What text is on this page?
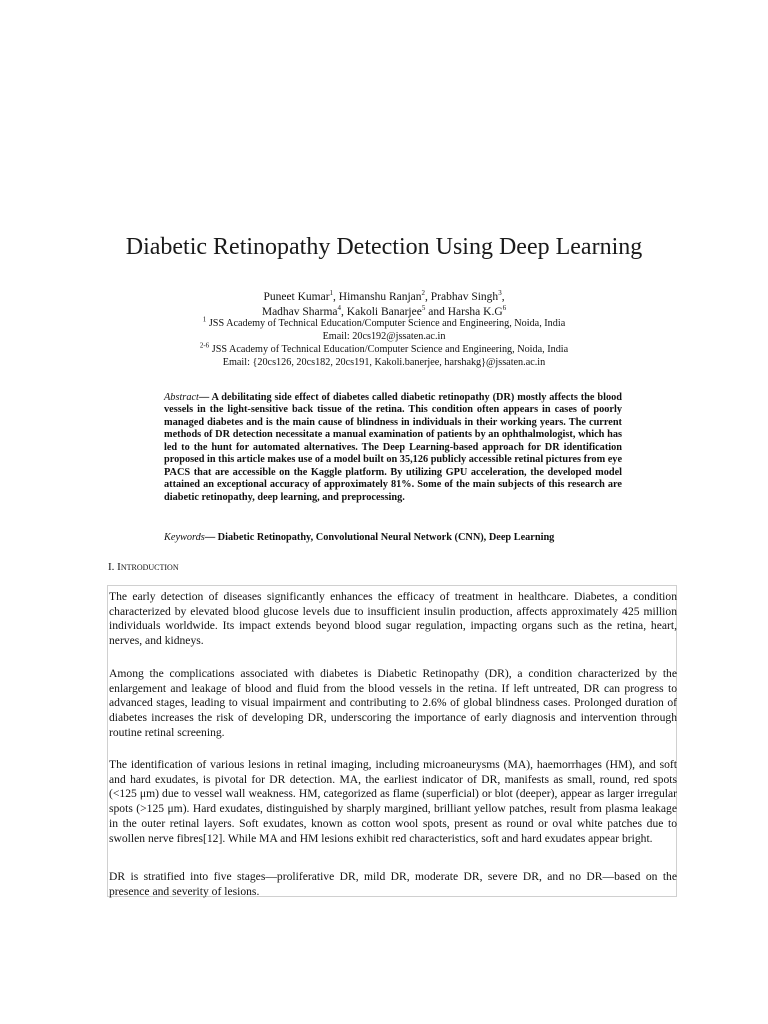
Diabetic Retinopathy Detection Using Deep Learning

Puneet Kumar$^1$, Himanshu Ranjan$^2$, Prabhav Singh$^3$,
Madhav Sharma$^4$, Kakoli Banarjee$^5$ and Harsha $K.G^6$

$^1$ JSS Academy of Technical Education/Computer Science and Engineering, Noida, India
Email: 20cs192@jssaten.ac.in

$^{2-6}$ JSS Academy of Technical Education/Computer Science and Engineering, Noida, India
Email: {20cs126, 20cs182, 20cs191, Kakoli.banerjee, harshakg}@jssaten.ac.in

Abstract— A debilitating side effect of diabetes called diabetic retinopathy (DR) mostly affects the blood vessels in the light-sensitive back tissue of the retina. This condition often appears in cases of poorly managed diabetes and is the main cause of blindness in individuals in their working years. The current methods of DR detection necessitate a manual examination of patients by an ophthalmologist, which has led to the hunt for automated alternatives. The Deep Learning-based approach for DR identification proposed in this article makes use of a model built on 35,126 publicly accessible retinal pictures from eye PACS that are accessible on the Kaggle platform. By utilizing GPU acceleration, the developed model attained an exceptional accuracy of approximately 81%. Some of the main subjects of this research are diabetic retinopathy, deep learning, and preprocessing.

Keywords— Diabetic Retinopathy, Convolutional Neural Network (CNN), Deep Learning

I. Introduction

The early detection of diseases significantly enhances the efficacy of treatment in healthcare. Diabetes, a condition characterized by elevated blood glucose levels due to insufficient insulin production, affects approximately 425 million individuals worldwide. Its impact extends beyond blood sugar regulation, impacting organs such as the retina, heart, nerves, and kidneys.

Among the complications associated with diabetes is Diabetic Retinopathy (DR), a condition characterized by the enlargement and leakage of blood and fluid from the blood vessels in the retina. If left untreated, DR can progress to advanced stages, leading to visual impairment and contributing to 2.6% of global blindness cases. Prolonged duration of diabetes increases the risk of developing DR, underscoring the importance of early diagnosis and intervention through routine retinal screening.

The identification of various lesions in retinal imaging, including microaneurysms (MA), haemorrhages (HM), and soft and hard exudates, is pivotal for DR detection. MA, the earliest indicator of DR, manifests as small, round, red spots (<125 μm) due to vessel wall weakness. HM, categorized as flame (superficial) or blot (deeper), appear as larger irregular spots (>125 μm). Hard exudates, distinguished by sharply margined, brilliant yellow patches, result from plasma leakage in the outer retinal layers. Soft exudates, known as cotton wool spots, present as round or oval white patches due to swollen nerve fibres[12]. While MA and HM lesions exhibit red characteristics, soft and hard exudates appear bright.

DR is stratified into five stages—proliferative DR, mild DR, moderate DR, severe DR, and no DR—based on the presence and severity of lesions.
